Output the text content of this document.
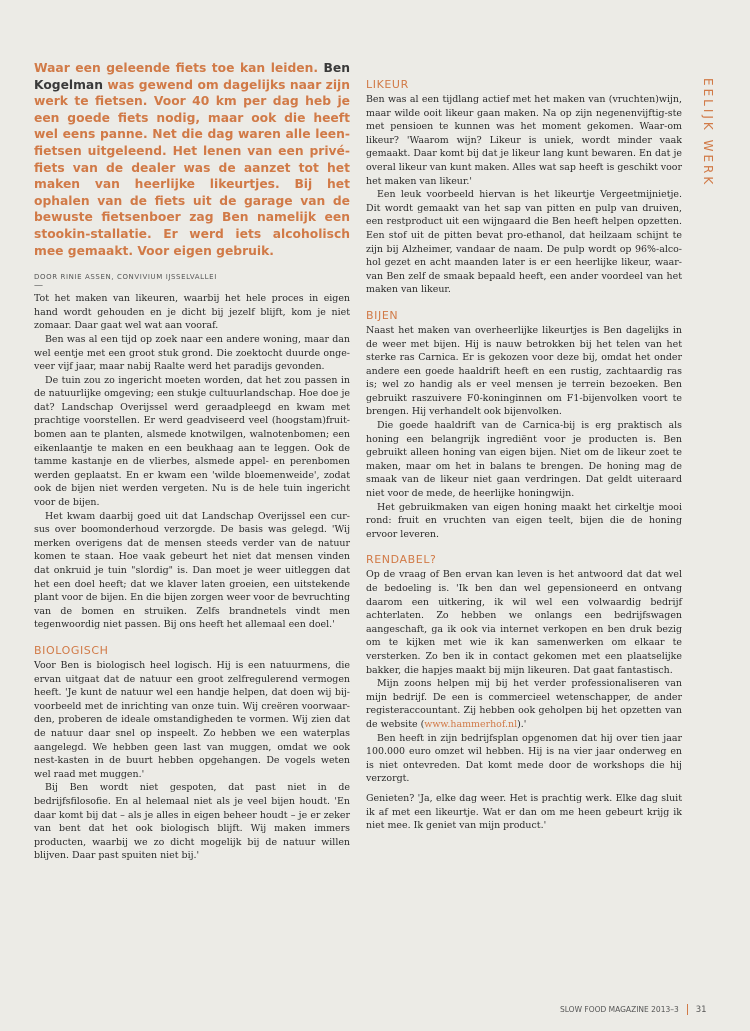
EELIJK WERK

Waar een geleende fiets toe kan leiden. Ben Kogelman was gewend om dagelijks naar zijn werk te fietsen. Voor 40 km per dag heb je een goede fiets nodig, maar ook die heeft wel eens panne. Net die dag waren alle leen-fietsen uitgeleend. Het lenen van een privé-fiets van de dealer was de aanzet tot het maken van heerlijke likeurtjes. Bij het ophalen van de fiets uit de garage van de bewuste fietsenboer zag Ben namelijk een stookin-stallatie. Er werd iets alcoholisch mee gemaakt. Voor eigen gebruik.

DOOR RINIE ASSEN, CONVIVIUM IJSSELVALLEI
—

Tot het maken van likeuren, waarbij het hele proces in eigen hand wordt gehouden en je dicht bij jezelf blijft, kom je niet zomaar. Daar gaat wel wat aan vooraf.

Ben was al een tijd op zoek naar een andere woning, maar dan wel eentje met een groot stuk grond. Die zoektocht duurde onge-veer vijf jaar, maar nabij Raalte werd het paradijs gevonden.

De tuin zou zo ingericht moeten worden, dat het zou passen in de natuurlijke omgeving; een stukje cultuurlandschap. Hoe doe je dat? Landschap Overijssel werd geraadpleegd en kwam met prachtige voorstellen. Er werd geadviseerd veel (hoogstam)fruit-bomen aan te planten, alsmede knotwilgen, walnotenbomen; een eikenlaantje te maken en een beukhaag aan te leggen. Ook de tamme kastanje en de vlierbes, alsmede appel- en perenbomen werden geplaatst. En er kwam een 'wilde bloemenweide', zodat ook de bijen niet werden vergeten. Nu is de hele tuin ingericht voor de bijen.

Het kwam daarbij goed uit dat Landschap Overijssel een cur-sus over boomonderhoud verzorgde. De basis was gelegd. 'Wij merken overigens dat de mensen steeds verder van de natuur komen te staan. Hoe vaak gebeurt het niet dat mensen vinden dat onkruid je tuin "slordig" is. Dan moet je weer uitleggen dat het een doel heeft; dat we klaver laten groeien, een uitstekende plant voor de bijen. En die bijen zorgen weer voor de bevruchting van de bomen en struiken. Zelfs brandnetels vindt men tegenwoordig niet passen. Bij ons heeft het allemaal een doel.'

BIOLOGISCH

Voor Ben is biologisch heel logisch. Hij is een natuurmens, die ervan uitgaat dat de natuur een groot zelfregulerend vermogen heeft. 'Je kunt de natuur wel een handje helpen, dat doen wij bij-voorbeeld met de inrichting van onze tuin. Wij creëren voorwaar-den, proberen de ideale omstandigheden te vormen. Wij zien dat de natuur daar snel op inspeelt. Zo hebben we een waterplas aangelegd. We hebben geen last van muggen, omdat we ook nest-kasten in de buurt hebben opgehangen. De vogels weten wel raad met muggen.'

Bij Ben wordt niet gespoten, dat past niet in de bedrijfsfilosofie. En al helemaal niet als je veel bijen houdt. 'En daar komt bij dat – als je alles in eigen beheer houdt – je er zeker van bent dat het ook biologisch blijft. Wij maken immers producten, waarbij we zo dicht mogelijk bij de natuur willen blijven. Daar past spuiten niet bij.'

LIKEUR

Ben was al een tijdlang actief met het maken van (vruchten)wijn, maar wilde ooit likeur gaan maken. Na op zijn negenenvijftig-ste met pensioen te kunnen was het moment gekomen. Waar-om likeur? 'Waarom wijn? Likeur is uniek, wordt minder vaak gemaakt. Daar komt bij dat je likeur lang kunt bewaren. En dat je overal likeur van kunt maken. Alles wat sap heeft is geschikt voor het maken van likeur.'

Een leuk voorbeeld hiervan is het likeurtje Vergeetmijnietje. Dit wordt gemaakt van het sap van pitten en pulp van druiven, een restproduct uit een wijngaard die Ben heeft helpen opzetten. Een stof uit de pitten bevat pro-ethanol, dat heilzaam schijnt te zijn bij Alzheimer, vandaar de naam. De pulp wordt op 96%-alco-hol gezet en acht maanden later is er een heerlijke likeur, waar-van Ben zelf de smaak bepaald heeft, een ander voordeel van het maken van likeur.

BIJEN

Naast het maken van overheerlijke likeurtjes is Ben dagelijks in de weer met bijen. Hij is nauw betrokken bij het telen van het sterke ras Carnica. Er is gekozen voor deze bij, omdat het onder andere een goede haaldrift heeft en een rustig, zachtaardig ras is; wel zo handig als er veel mensen je terrein bezoeken. Ben gebruikt raszuivere F0-koninginnen om F1-bijenvolken voort te brengen. Hij verhandelt ook bijenvolken.

Die goede haaldrift van de Carnica-bij is erg praktisch als honing een belangrijk ingrediënt voor je producten is. Ben gebruikt alleen honing van eigen bijen. Niet om de likeur zoet te maken, maar om het in balans te brengen. De honing mag de smaak van de likeur niet gaan verdringen. Dat geldt uiteraard niet voor de mede, de heerlijke honingwijn.

Het gebruikmaken van eigen honing maakt het cirkeltje mooi rond: fruit en vruchten van eigen teelt, bijen die de honing ervoor leveren.

RENDABEL?

Op de vraag of Ben ervan kan leven is het antwoord dat dat wel de bedoeling is. 'Ik ben dan wel gepensioneerd en ontvang daarom een uitkering, ik wil wel een volwaardig bedrijf achterlaten. Zo hebben we onlangs een bedrijfswagen aangeschaft, ga ik ook via internet verkopen en ben druk bezig om te kijken met wie ik kan samenwerken om elkaar te versterken. Zo ben ik in contact gekomen met een plaatselijke bakker, die hapjes maakt bij mijn likeuren. Dat gaat fantastisch.

Mijn zoons helpen mij bij het verder professionaliseren van mijn bedrijf. De een is commercieel wetenschapper, de ander registeraccountant. Zij hebben ook geholpen bij het opzetten van de website (www.hammerhof.nl).'

Ben heeft in zijn bedrijfsplan opgenomen dat hij over tien jaar 100.000 euro omzet wil hebben. Hij is na vier jaar onderweg en is niet ontevreden. Dat komt mede door de workshops die hij verzorgt.

Genieten? 'Ja, elke dag weer. Het is prachtig werk. Elke dag sluit ik af met een likeurtje. Wat er dan om me heen gebeurt krijg ik niet mee. Ik geniet van mijn product.'

SLOW FOOD MAGAZINE 2013–3 31
